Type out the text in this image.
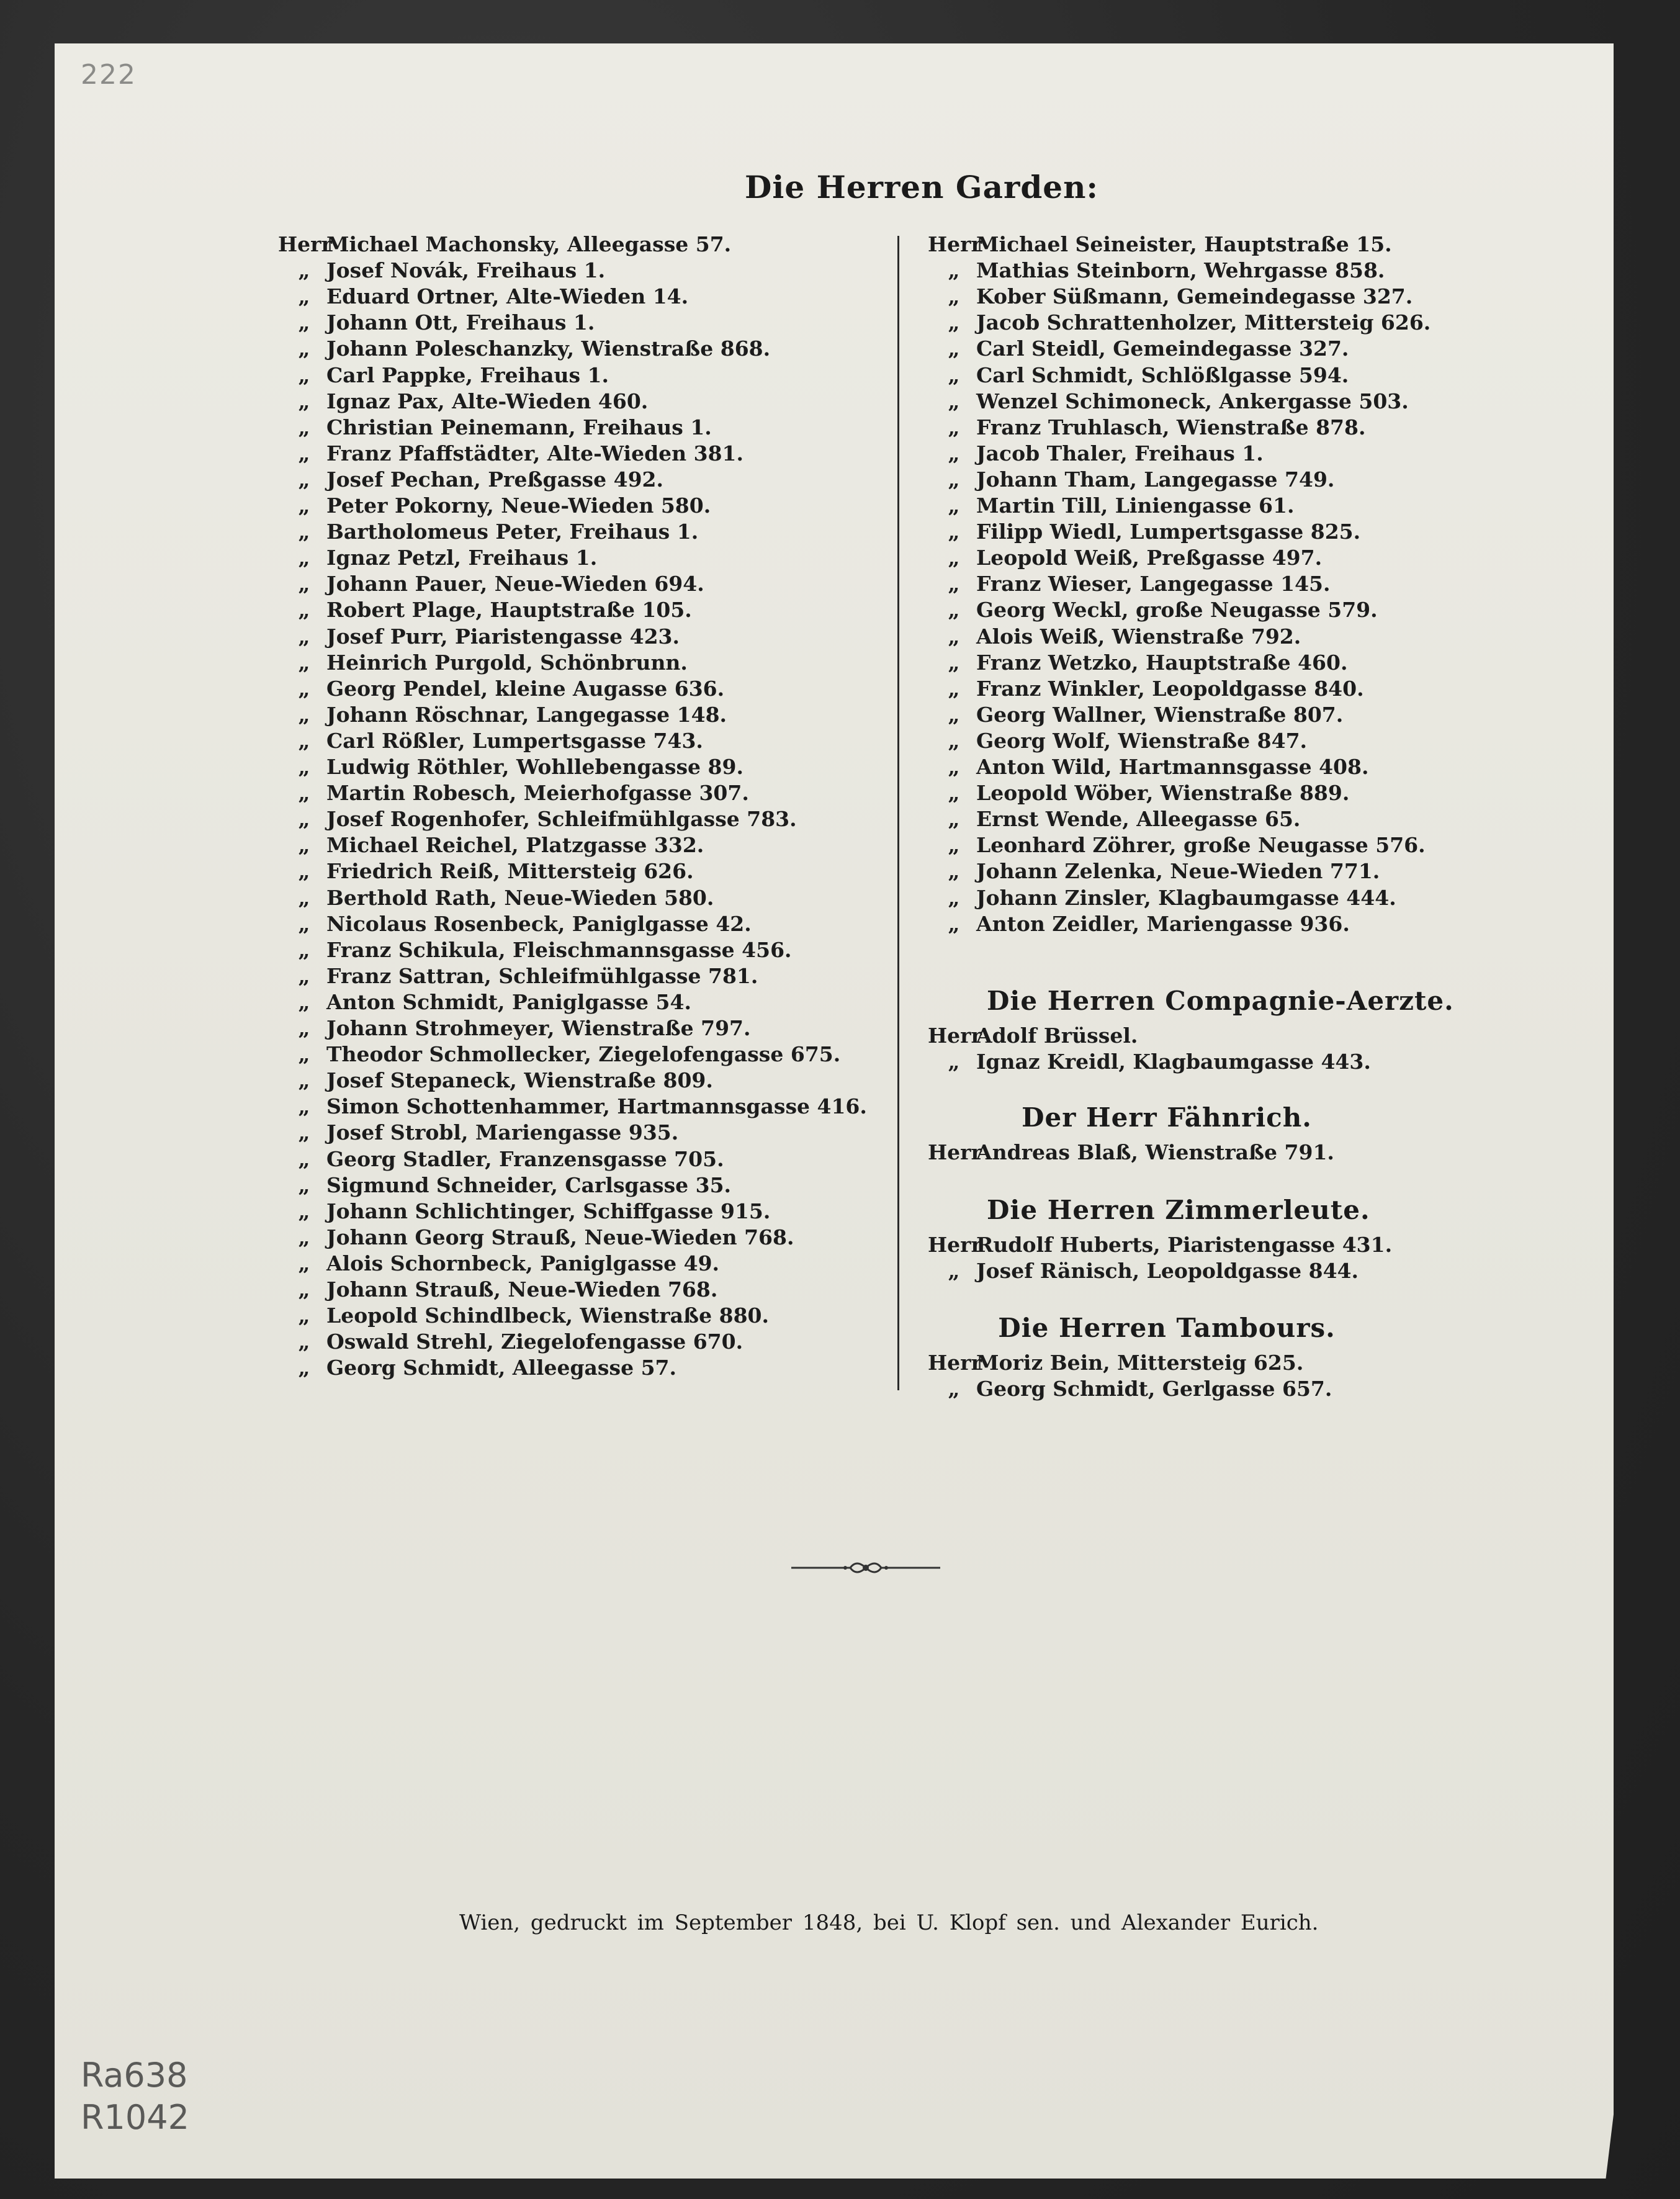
222
Ra638
R1042
Die Herren Garden:
HerrMichael Machonsky, Alleegasse 57.
„ Josef Novák, Freihaus 1.
„ Eduard Ortner, Alte-Wieden 14.
„ Johann Ott, Freihaus 1.
„ Johann Poleschanzky, Wienstraße 868.
„ Carl Pappke, Freihaus 1.
„ Ignaz Pax, Alte-Wieden 460.
„ Christian Peinemann, Freihaus 1.
„ Franz Pfaffstädter, Alte-Wieden 381.
„ Josef Pechan, Preßgasse 492.
„ Peter Pokorny, Neue-Wieden 580.
„ Bartholomeus Peter, Freihaus 1.
„ Ignaz Petzl, Freihaus 1.
„ Johann Pauer, Neue-Wieden 694.
„ Robert Plage, Hauptstraße 105.
„ Josef Purr, Piaristengasse 423.
„ Heinrich Purgold, Schönbrunn.
„ Georg Pendel, kleine Augasse 636.
„ Johann Röschnar, Langegasse 148.
„ Carl Rößler, Lumpertsgasse 743.
„ Ludwig Röthler, Wohllebengasse 89.
„ Martin Robesch, Meierhofgasse 307.
„ Josef Rogenhofer, Schleifmühlgasse 783.
„ Michael Reichel, Platzgasse 332.
„ Friedrich Reiß, Mittersteig 626.
„ Berthold Rath, Neue-Wieden 580.
„ Nicolaus Rosenbeck, Paniglgasse 42.
„ Franz Schikula, Fleischmannsgasse 456.
„ Franz Sattran, Schleifmühlgasse 781.
„ Anton Schmidt, Paniglgasse 54.
„ Johann Strohmeyer, Wienstraße 797.
„ Theodor Schmollecker, Ziegelofengasse 675.
„ Josef Stepaneck, Wienstraße 809.
„ Simon Schottenhammer, Hartmannsgasse 416.
„ Josef Strobl, Mariengasse 935.
„ Georg Stadler, Franzensgasse 705.
„ Sigmund Schneider, Carlsgasse 35.
„ Johann Schlichtinger, Schiffgasse 915.
„ Johann Georg Strauß, Neue-Wieden 768.
„ Alois Schornbeck, Paniglgasse 49.
„ Johann Strauß, Neue-Wieden 768.
„ Leopold Schindlbeck, Wienstraße 880.
„ Oswald Strehl, Ziegelofengasse 670.
„ Georg Schmidt, Alleegasse 57.
HerrMichael Seineister, Hauptstraße 15.
„ Mathias Steinborn, Wehrgasse 858.
„ Kober Süßmann, Gemeindegasse 327.
„ Jacob Schrattenholzer, Mittersteig 626.
„ Carl Steidl, Gemeindegasse 327.
„ Carl Schmidt, Schlößlgasse 594.
„ Wenzel Schimoneck, Ankergasse 503.
„ Franz Truhlasch, Wienstraße 878.
„ Jacob Thaler, Freihaus 1.
„ Johann Tham, Langegasse 749.
„ Martin Till, Liniengasse 61.
„ Filipp Wiedl, Lumpertsgasse 825.
„ Leopold Weiß, Preßgasse 497.
„ Franz Wieser, Langegasse 145.
„ Georg Weckl, große Neugasse 579.
„ Alois Weiß, Wienstraße 792.
„ Franz Wetzko, Hauptstraße 460.
„ Franz Winkler, Leopoldgasse 840.
„ Georg Wallner, Wienstraße 807.
„ Georg Wolf, Wienstraße 847.
„ Anton Wild, Hartmannsgasse 408.
„ Leopold Wöber, Wienstraße 889.
„ Ernst Wende, Alleegasse 65.
„ Leonhard Zöhrer, große Neugasse 576.
„ Johann Zelenka, Neue-Wieden 771.
„ Johann Zinsler, Klagbaumgasse 444.
„ Anton Zeidler, Mariengasse 936.
Die Herren Compagnie-Aerzte.
HerrAdolf Brüssel.
„ Ignaz Kreidl, Klagbaumgasse 443.
Der Herr Fähnrich.
HerrAndreas Blaß, Wienstraße 791.
Die Herren Zimmerleute.
HerrRudolf Huberts, Piaristengasse 431.
„ Josef Ränisch, Leopoldgasse 844.
Die Herren Tambours.
HerrMoriz Bein, Mittersteig 625.
„ Georg Schmidt, Gerlgasse 657.
Wien, gedruckt im September 1848, bei U. Klopf sen. und Alexander Eurich.
